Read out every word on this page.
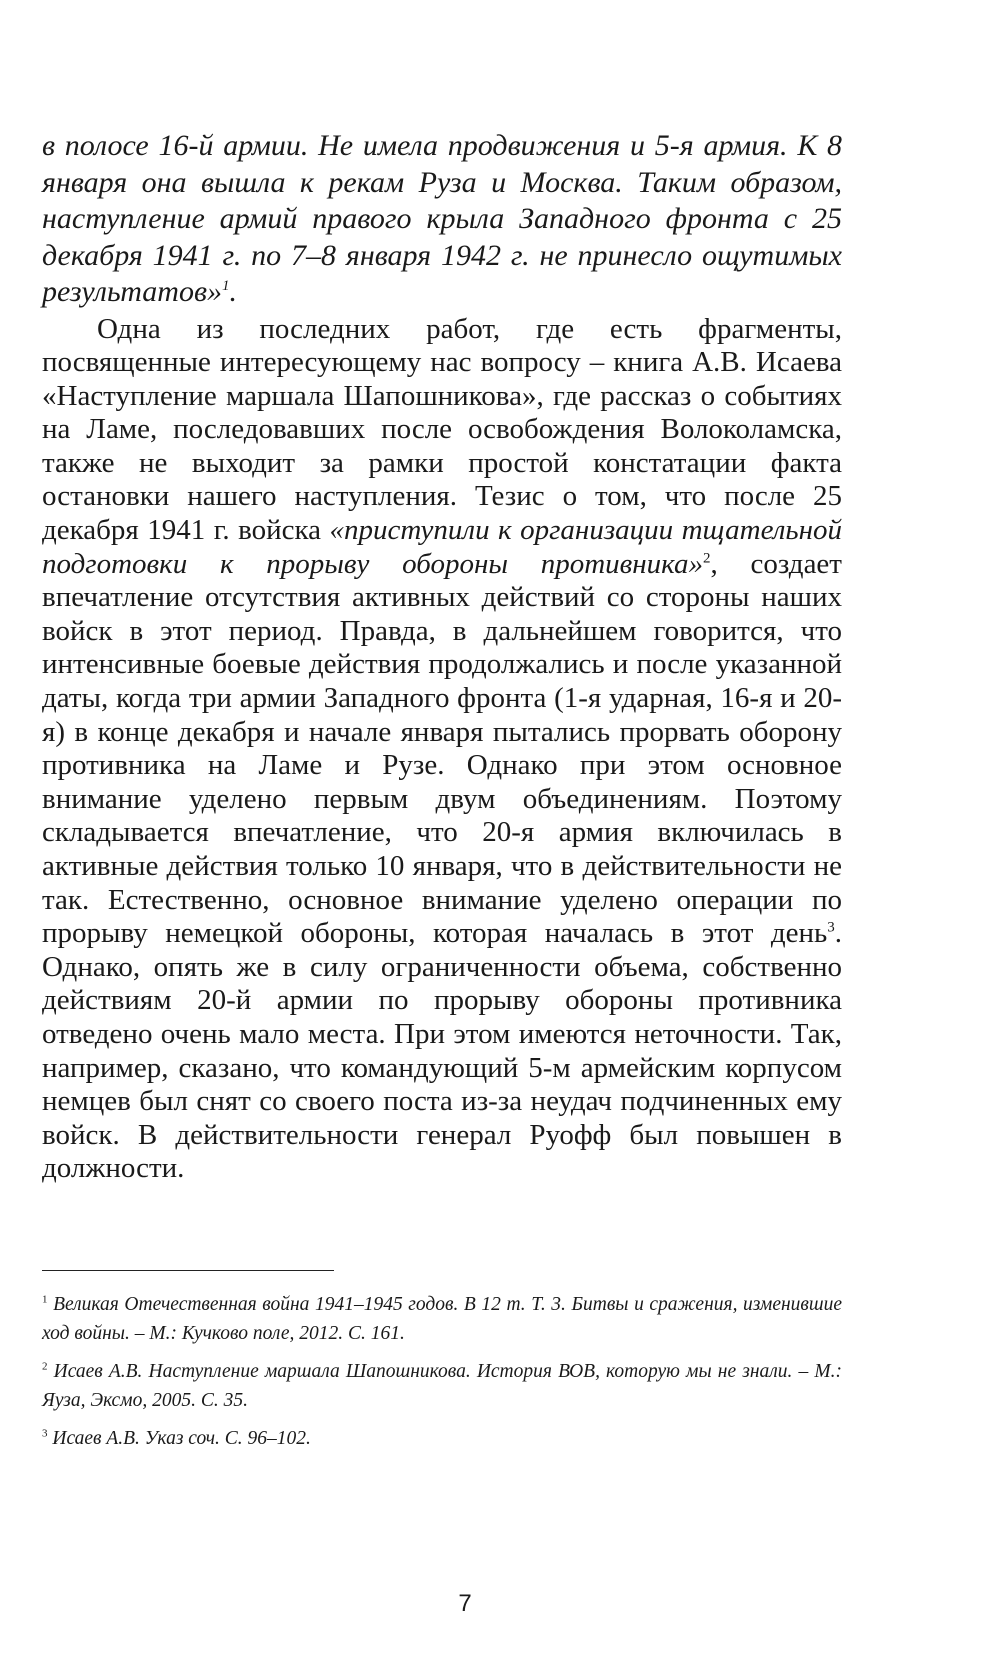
в полосе 16-й армии. Не имела продвижения и 5-я армия. К 8 января она вышла к рекам Руза и Москва. Таким образом, наступление армий правого крыла Западного фронта с 25 декабря 1941 г. по 7–8 января 1942 г. не принесло ощутимых результатов»$^1$.

Одна из последних работ, где есть фрагменты, посвященные интересующему нас вопросу – книга А.В. Исаева «Наступление маршала Шапошникова», где рассказ о событиях на Ламе, последовавших после освобождения Волоколамска, также не выходит за рамки простой констатации факта остановки нашего наступления. Тезис о том, что после 25 декабря 1941 г. войска «приступили к организации тщательной подготовки к прорыву обороны противника»$^2$, создает впечатление отсутствия активных действий со стороны наших войск в этот период. Правда, в дальнейшем говорится, что интенсивные боевые действия продолжались и после указанной даты, когда три армии Западного фронта (1-я ударная, 16-я и 20-я) в конце декабря и начале января пытались прорвать оборону противника на Ламе и Рузе. Однако при этом основное внимание уделено первым двум объединениям. Поэтому складывается впечатление, что 20-я армия включилась в активные действия только 10 января, что в действительности не так. Естественно, основное внимание уделено операции по прорыву немецкой обороны, которая началась в этот день$^3$. Однако, опять же в силу ограниченности объема, собственно действиям 20-й армии по прорыву обороны противника отведено очень мало места. При этом имеются неточности. Так, например, сказано, что командующий 5-м армейским корпусом немцев был снят со своего поста из-за неудач подчиненных ему войск. В действительности генерал Руофф был повышен в должности.

$^1$ Великая Отечественная война 1941–1945 годов. В 12 т. Т. 3. Битвы и сражения, изменившие ход войны. – М.: Кучково поле, 2012. С. 161.

$^2$ Исаев А.В. Наступление маршала Шапошникова. История ВОВ, которую мы не знали. – М.: Яуза, Эксмо, 2005. С. 35.

$^3$ Исаев А.В. Указ соч. С. 96–102.

7
